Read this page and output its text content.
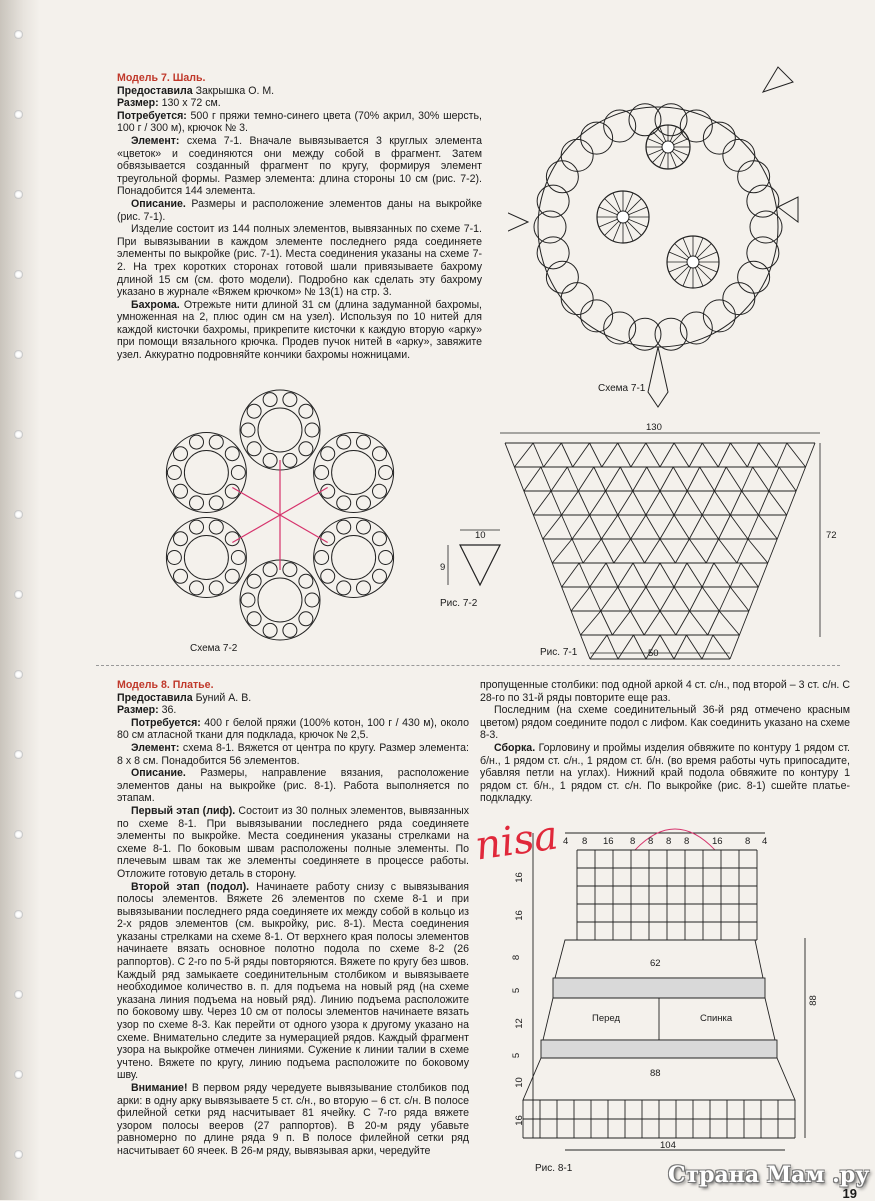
Модель 7. Шаль.

Предоставила Закрышка О. М.

Размер: 130 х 72 см.

Потребуется: 500 г пряжи темно-синего цвета (70% акрил, 30% шерсть, 100 г / 300 м), крючок № 3.

Элемент: схема 7-1. Вначале вывязывается 3 круглых элемента «цветок» и соединяются они между собой в фрагмент. Затем обвязывается созданный фрагмент по кругу, формируя элемент треугольной формы. Размер элемента: длина стороны 10 см (рис. 7-2). Понадобится 144 элемента.

Описание. Размеры и расположение элементов даны на выкройке (рис. 7-1).

Изделие состоит из 144 полных элементов, вывязанных по схеме 7-1. При вывязывании в каждом элементе последнего ряда соединяете элементы по выкройке (рис. 7-1). Места соединения указаны на схеме 7-2. На трех коротких сторонах готовой шали привязываете бахрому длиной 15 см (см. фото модели). Подробно как сделать эту бахрому указано в журнале «Вяжем крючком» № 13(1) на стр. 3.

Бахрома. Отрежьте нити длиной 31 см (длина задуманной бахромы, умноженная на 2, плюс один см на узел). Используя по 10 нитей для каждой кисточки бахромы, прикрепите кисточки к каждую вторую «арку» при помощи вязального крючка. Продев пучок нитей в «арку», завяжите узел. Аккуратно подровняйте кончики бахромы ножницами.

Схема 7-1
Схема 7-2
10
9
Рис. 7-2
130
72
50
Рис. 7-1

Модель 8. Платье.

Предоставила Буний А. В.

Размер: 36.

Потребуется: 400 г белой пряжи (100% котон, 100 г / 430 м), около 80 см атласной ткани для подклада, крючок № 2,5.

Элемент: схема 8-1. Вяжется от центра по кругу. Размер элемента: 8 х 8 см. Понадобится 56 элементов.

Описание. Размеры, направление вязания, расположение элементов даны на выкройке (рис. 8-1). Работа выполняется по этапам.

Первый этап (лиф). Состоит из 30 полных элементов, вывязанных по схеме 8-1. При вывязывании последнего ряда соединяете элементы по выкройке. Места соединения указаны стрелками на схеме 8-1. По боковым швам расположены полные элементы. По плечевым швам так же элементы соединяете в процессе работы. Отложите готовую деталь в сторону.

Второй этап (подол). Начинаете работу снизу с вывязывания полосы элементов. Вяжете 26 элементов по схеме 8-1 и при вывязывании последнего ряда соединяете их между собой в кольцо из 2-х рядов элементов (см. выкройку, рис. 8-1). Места соединения указаны стрелками на схеме 8-1. От верхнего края полосы элементов начинаете вязать основное полотно подола по схеме 8-2 (26 раппортов). С 2-го по 5-й ряды повторяются. Вяжете по кругу без швов. Каждый ряд замыкаете соединительным столбиком и вывязываете необходимое количество в. п. для подъема на новый ряд (на схеме указана линия подъема на новый ряд). Линию подъема расположите по боковому шву. Через 10 см от полосы элементов начинаете вязать узор по схеме 8-3. Как перейти от одного узора к другому указано на схеме. Внимательно следите за нумерацией рядов. Каждый фрагмент узора на выкройке отмечен линиями. Сужение к линии талии в схеме учтено. Вяжете по кругу, линию подъема расположите по боковому шву.

Внимание! В первом ряду чередуете вывязывание столбиков под арки: в одну арку вывязываете 5 ст. с/н., во вторую – 6 ст. с/н. В полосе филейной сетки ряд насчитывает 81 ячейку. С 7-го ряда вяжете узором полосы вееров (27 раппортов). В 20-м ряду убавьте равномерно по длине ряда 9 п. В полосе филейной сетки ряд насчитывает 60 ячеек. В 26-м ряду, вывязывая арки, чередуйте

пропущенные столбики: под одной аркой 4 ст. с/н., под второй – 3 ст. с/н. С 28-го по 31-й ряды повторите еще раз.

Последним (на схеме соединительный 36-й ряд отмечено красным цветом) рядом соедините подол с лифом. Как соединить указано на схеме 8-3.

Сборка. Горловину и проймы изделия обвяжите по контуру 1 рядом ст. б/н., 1 рядом ст. с/н., 1 рядом ст. б/н. (во время работы чуть припосадите, убавляя петли на углах). Нижний край подола обвяжите по контуру 1 рядом ст. б/н., 1 рядом ст. с/н. По выкройке (рис. 8-1) сшейте платье-подкладку.

62
88
104
88
Перед	Спинка
4 8 16 8 8 8 8 16 8 4
16
16
8
5
12
5
10
16
Рис. 8-1
nisa
Страна Мам .ру
19
